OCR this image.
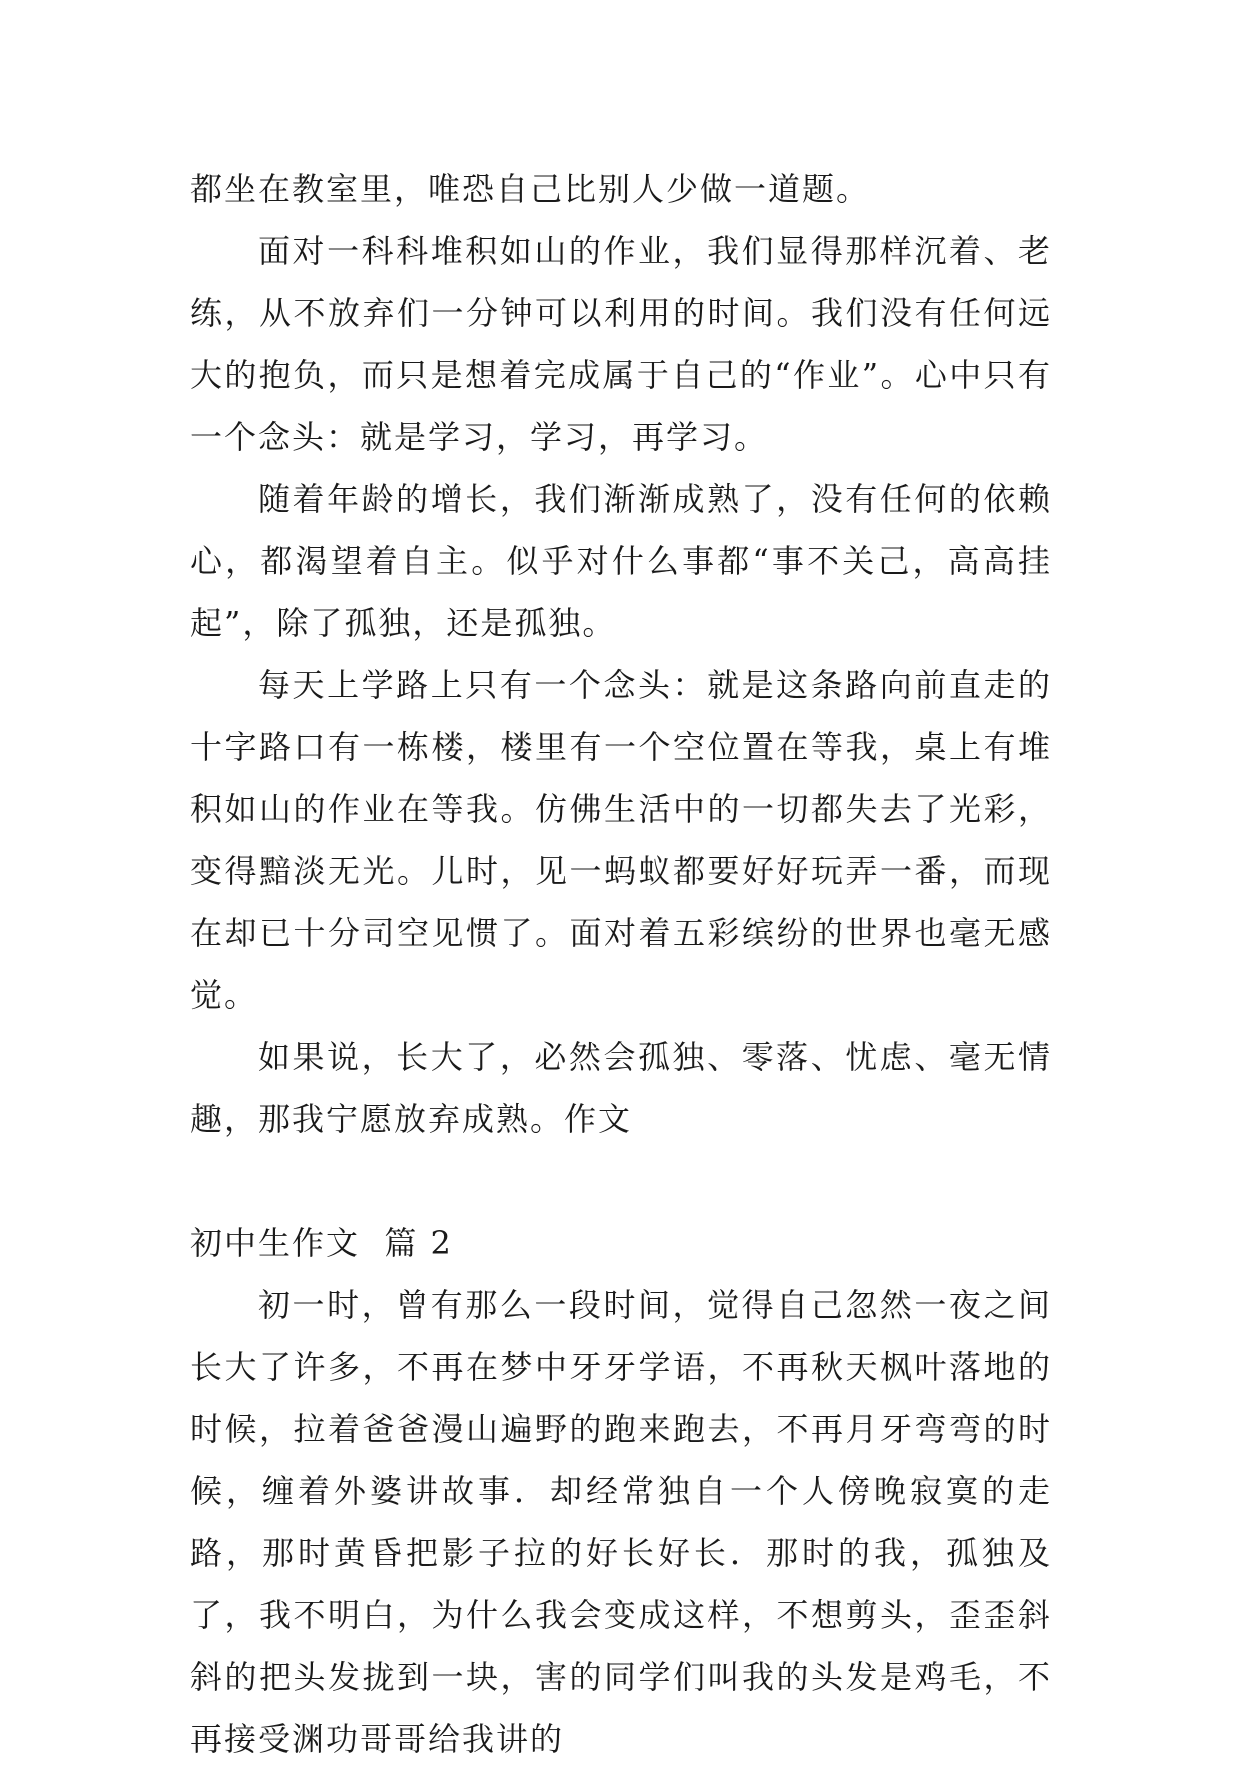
都坐在教室里，唯恐自己比别人少做一道题。

面对一科科堆积如山的作业，我们显得那样沉着、老练，从不放弃们一分钟可以利用的时间。我们没有任何远大的抱负，而只是想着完成属于自己的“作业”。心中只有一个念头：就是学习，学习，再学习。

随着年龄的增长，我们渐渐成熟了，没有任何的依赖心，都渴望着自主。似乎对什么事都“事不关己，高高挂起”，除了孤独，还是孤独。

每天上学路上只有一个念头：就是这条路向前直走的十字路口有一栋楼，楼里有一个空位置在等我，桌上有堆积如山的作业在等我。仿佛生活中的一切都失去了光彩，变得黯淡无光。儿时，见一蚂蚁都要好好玩弄一番，而现在却已十分司空见惯了。面对着五彩缤纷的世界也毫无感觉。

如果说，长大了，必然会孤独、零落、忧虑、毫无情趣，那我宁愿放弃成熟。作文

初中生作文  篇 2

初一时，曾有那么一段时间，觉得自己忽然一夜之间长大了许多，不再在梦中牙牙学语，不再秋天枫叶落地的时候，拉着爸爸漫山遍野的跑来跑去，不再月牙弯弯的时候，缠着外婆讲故事．却经常独自一个人傍晚寂寞的走路，那时黄昏把影子拉的好长好长．那时的我，孤独及了，我不明白，为什么我会变成这样，不想剪头，歪歪斜斜的把头发拢到一块，害的同学们叫我的头发是鸡毛，不再接受渊功哥哥给我讲的
